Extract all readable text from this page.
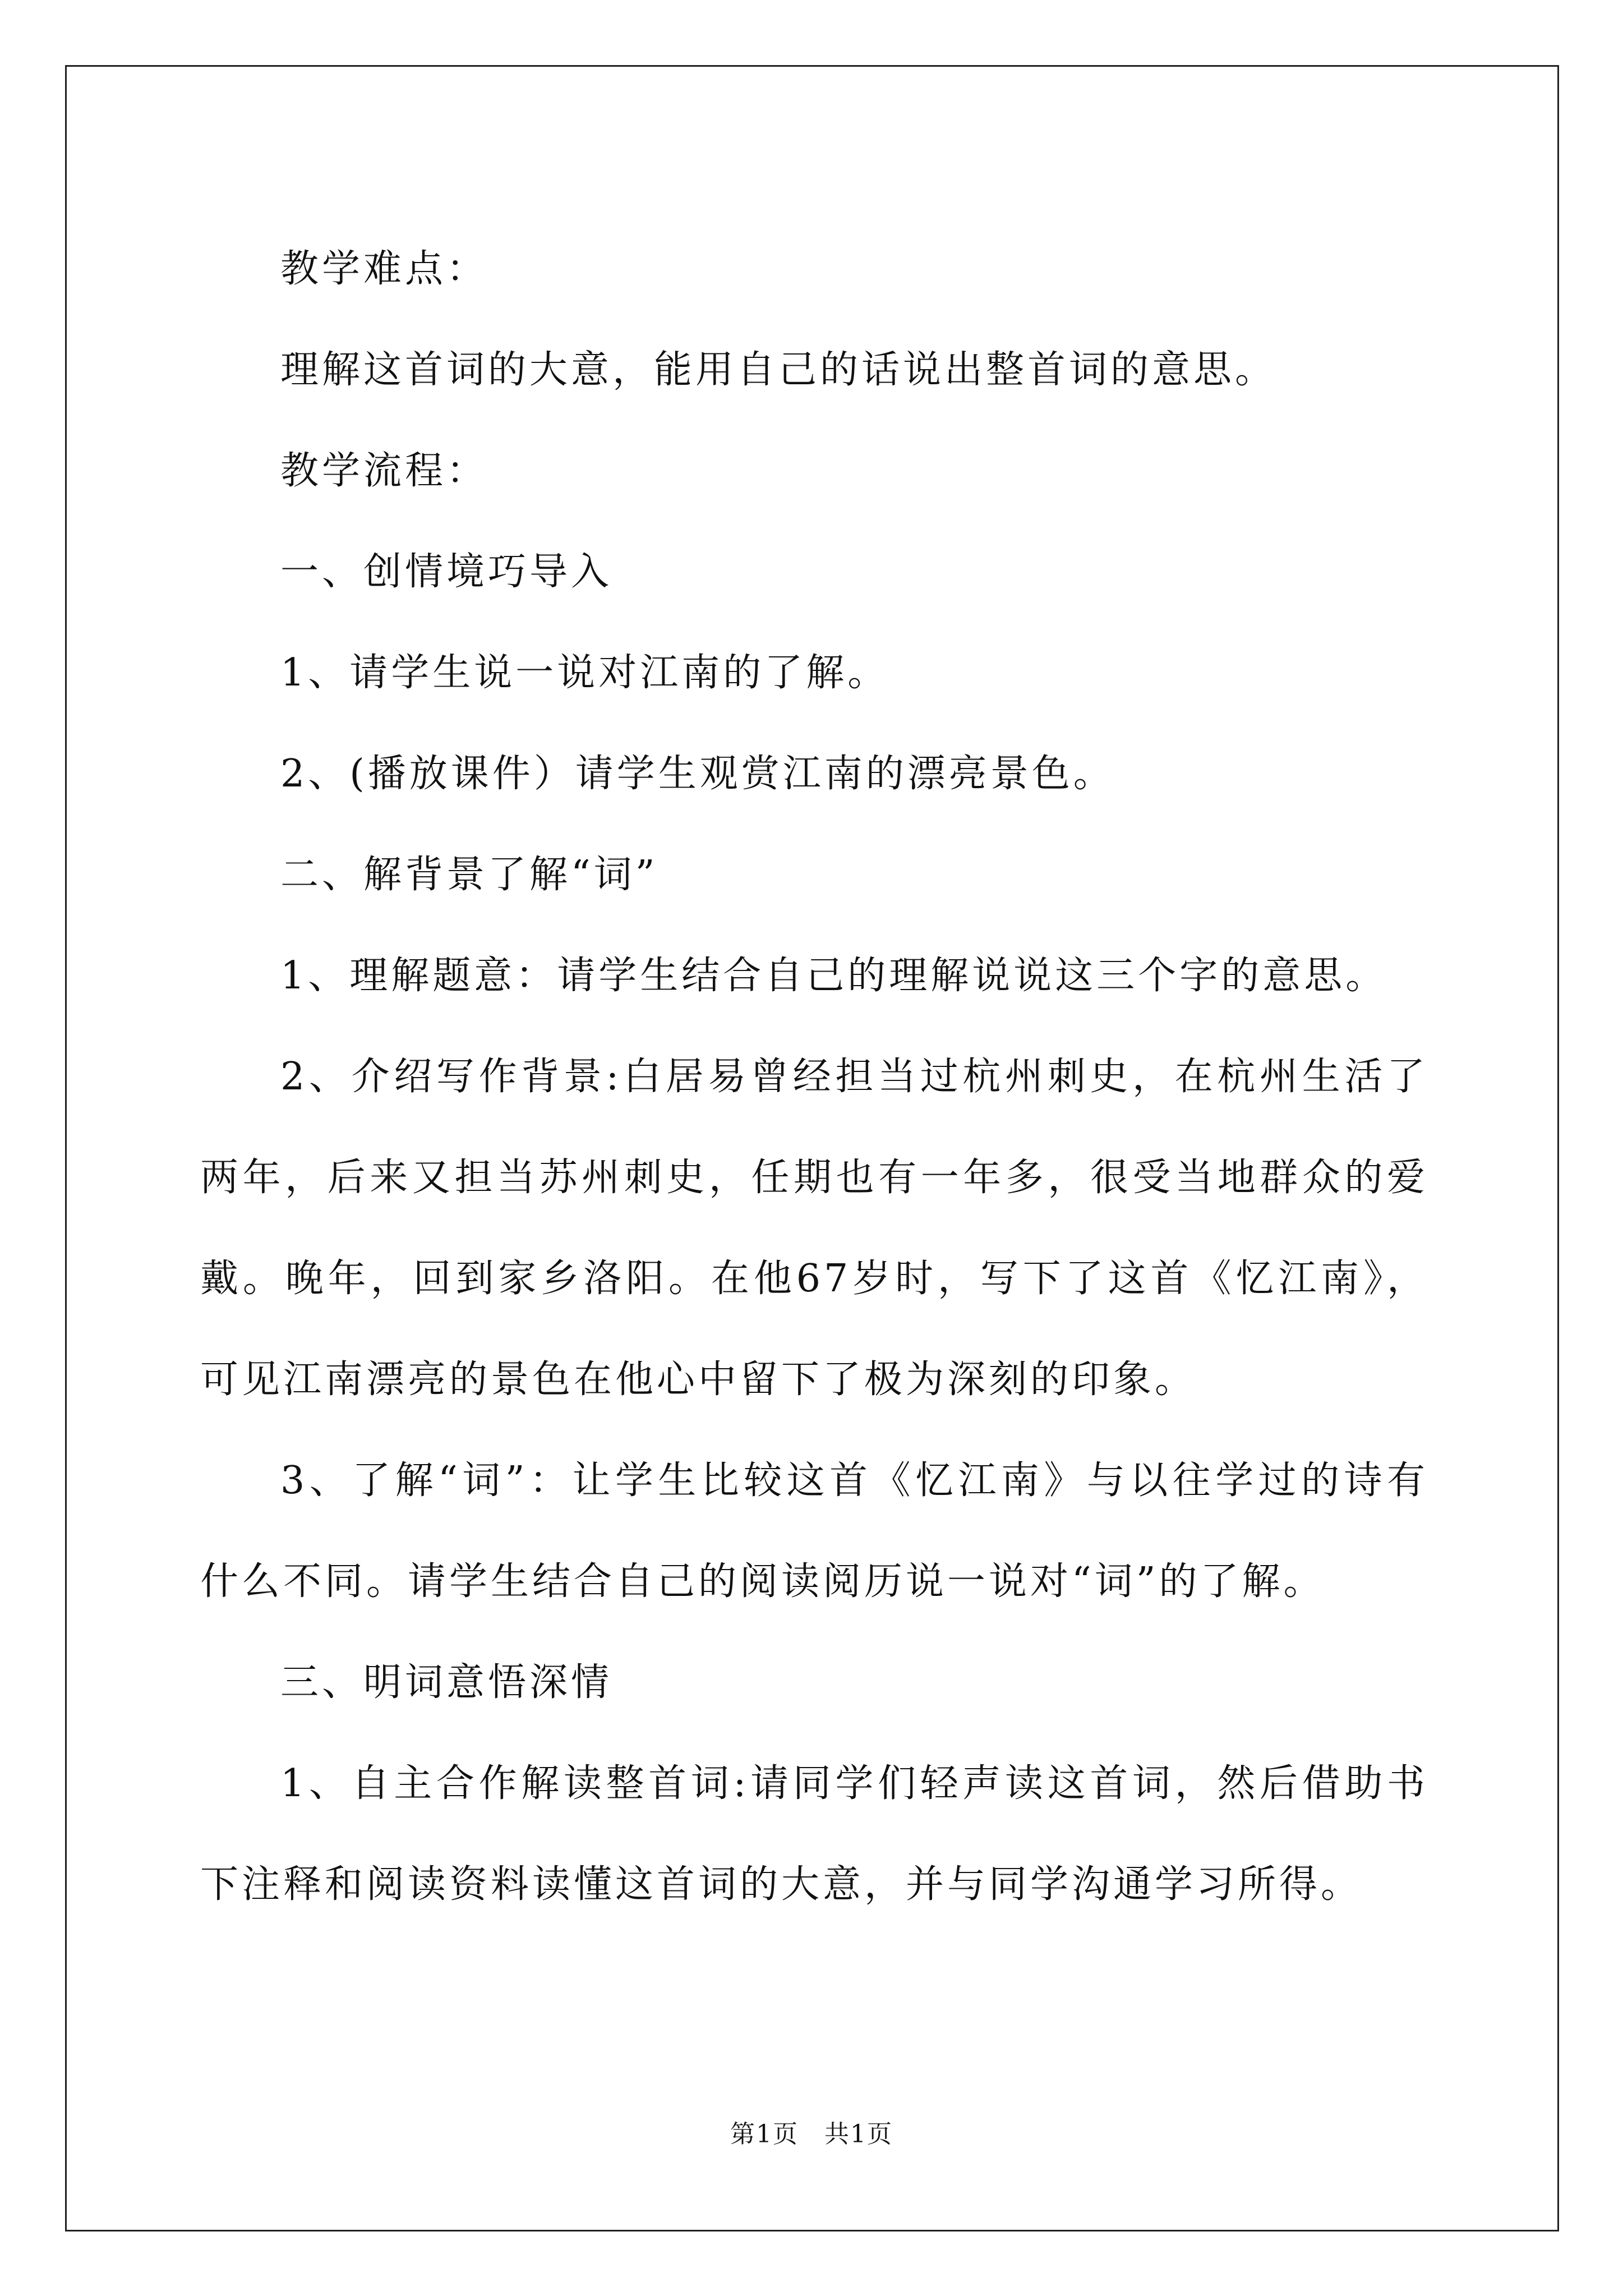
教学难点：

理解这首词的大意，能用自己的话说出整首词的意思。

教学流程：

一、创情境巧导入

1、请学生说一说对江南的了解。

2、(播放课件）请学生观赏江南的漂亮景色。

二、解背景了解“词”

1、理解题意：请学生结合自己的理解说说这三个字的意思。

2、介绍写作背景:白居易曾经担当过杭州刺史，在杭州生活了两年，后来又担当苏州刺史，任期也有一年多，很受当地群众的爱戴。晚年，回到家乡洛阳。在他67岁时，写下了这首《忆江南》，可见江南漂亮的景色在他心中留下了极为深刻的印象。

3、了解“词”：让学生比较这首《忆江南》与以往学过的诗有什么不同。请学生结合自己的阅读阅历说一说对“词”的了解。

三、明词意悟深情

1、自主合作解读整首词:请同学们轻声读这首词，然后借助书下注释和阅读资料读懂这首词的大意，并与同学沟通学习所得。

第1页　共1页
